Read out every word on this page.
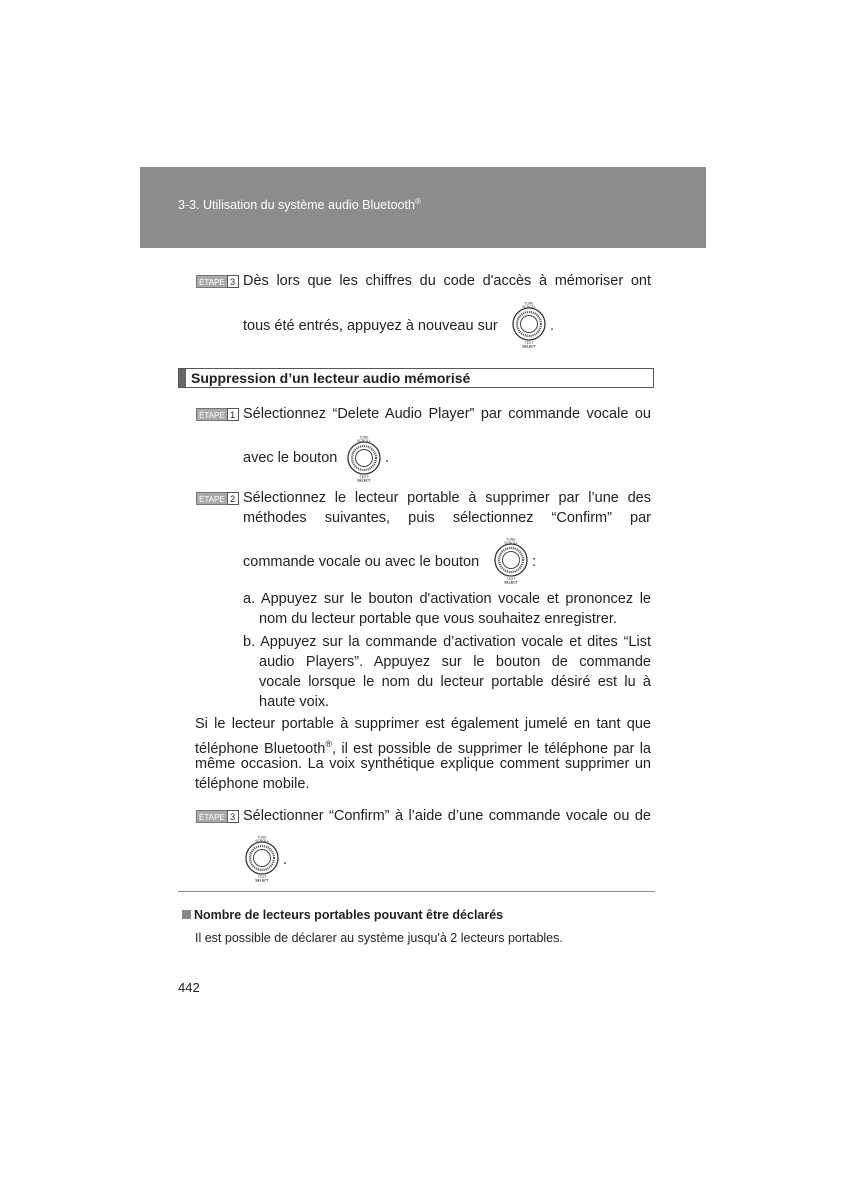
3-3. Utilisation du système audio Bluetooth®
ÉTAPE 3 Dès lors que les chiffres du code d'accès à mémoriser ont
tous été entrés, appuyez à nouveau sur
TUNE
SCROLL
TEXT
SELECT
.
Suppression d’un lecteur audio mémorisé
ÉTAPE 1 Sélectionnez “Delete Audio Player” par commande vocale ou
avec le bouton
TUNE
SCROLL
TEXT
SELECT
.
ÉTAPE 2 Sélectionnez le lecteur portable à supprimer par l’une des
méthodes suivantes, puis sélectionnez “Confirm” par
commande vocale ou avec le bouton
TUNE
SCROLL
TEXT
SELECT
:
a. Appuyez sur le bouton d'activation vocale et prononcez le
nom du lecteur portable que vous souhaitez enregistrer.
b. Appuyez sur la commande d’activation vocale et dites “List
audio Players”. Appuyez sur le bouton de commande
vocale lorsque le nom du lecteur portable désiré est lu à
haute voix.
Si le lecteur portable à supprimer est également jumelé en tant que
téléphone Bluetooth®, il est possible de supprimer le téléphone par la
même occasion. La voix synthétique explique comment supprimer un
téléphone mobile.
ÉTAPE 3 Sélectionner “Confirm” à l’aide d’une commande vocale ou de
TUNE
SCROLL
TEXT
SELECT
.
Nombre de lecteurs portables pouvant être déclarés
Il est possible de déclarer au système jusqu'à 2 lecteurs portables.
442
